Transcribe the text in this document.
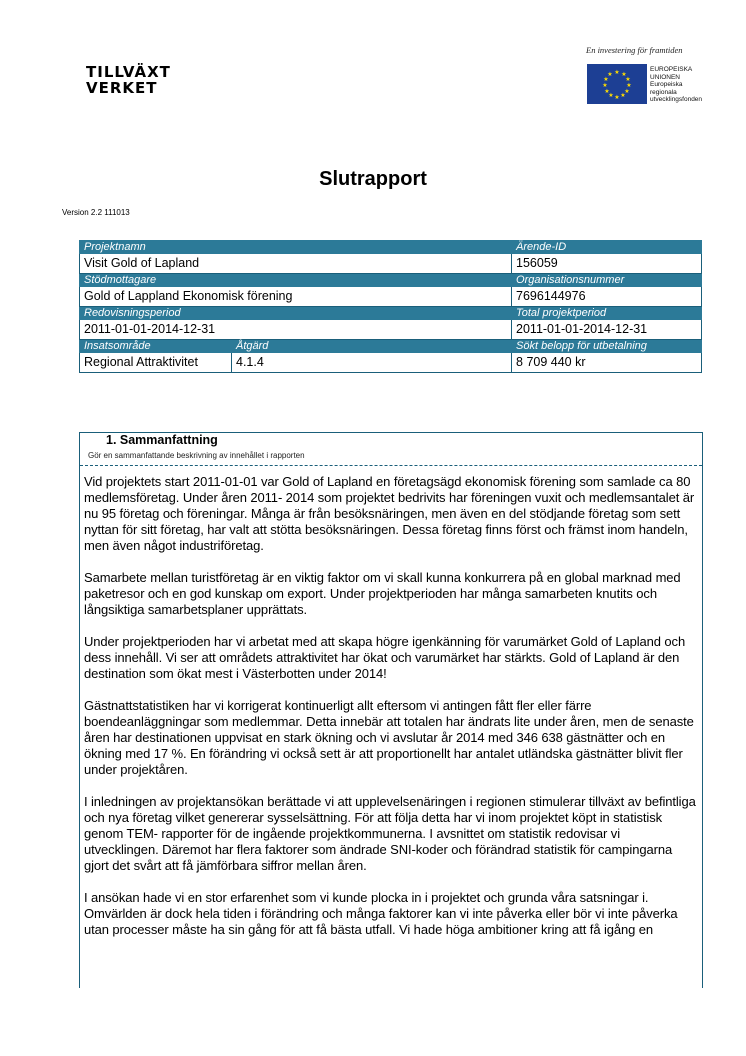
TILLVÄXT
VERKET
En investering för framtiden
★ ★
★
★
★
★
★
★
★
★
★
★
EUROPEISKA
UNIONEN
Europeiska
regionala
utvecklingsfonden
Slutrapport
Version 2.2 111013
Projektnamn		Ärende-ID
Visit Gold of Lapland		156059
Stödmottagare		Organisationsnummer
Gold of Lappland Ekonomisk förening		7696144976
Redovisningsperiod		Total projektperiod
2011-01-01-2014-12-31		2011-01-01-2014-12-31
Insatsområde	Åtgärd	Sökt belopp för utbetalning
Regional Attraktivitet	4.1.4	8 709 440 kr
1. Sammanfattning
Gör en sammanfattande beskrivning av innehållet i rapporten

Vid projektets start 2011-01-01 var Gold of Lapland en företagsägd ekonomisk förening som samlade ca 80 medlemsföretag. Under åren 2011- 2014 som projektet bedrivits har föreningen vuxit och medlemsantalet är nu 95 företag och föreningar. Många är från besöksnäringen, men även en del stödjande företag som sett nyttan för sitt företag, har valt att stötta besöksnäringen. Dessa företag finns först och främst inom handeln, men även något industriföretag.

Samarbete mellan turistföretag är en viktig faktor om vi skall kunna konkurrera på en global marknad med paketresor och en god kunskap om export. Under projektperioden har många samarbeten knutits och långsiktiga samarbetsplaner upprättats.

Under projektperioden har vi arbetat med att skapa högre igenkänning för varumärket Gold of Lapland och dess innehåll. Vi ser att områdets attraktivitet har ökat och varumärket har stärkts. Gold of Lapland är den destination som ökat mest i Västerbotten under 2014!

Gästnattstatistiken har vi korrigerat kontinuerligt allt eftersom vi antingen fått fler eller färre boendeanläggningar som medlemmar. Detta innebär att totalen har ändrats lite under åren, men de senaste åren har destinationen uppvisat en stark ökning och vi avslutar år 2014 med 346 638 gästnätter och en ökning med 17 %. En förändring vi också sett är att proportionellt har antalet utländska gästnätter blivit fler under projektåren.

I inledningen av projektansökan berättade vi att upplevelsenäringen i regionen stimulerar tillväxt av befintliga och nya företag vilket genererar sysselsättning. För att följa detta har vi inom projektet köpt in statistisk genom TEM- rapporter för de ingående projektkommunerna. I avsnittet om statistik redovisar vi utvecklingen. Däremot har flera faktorer som ändrade SNI-koder och förändrad statistik för campingarna gjort det svårt att få jämförbara siffror mellan åren.

I ansökan hade vi en stor erfarenhet som vi kunde plocka in i projektet och grunda våra satsningar i. Omvärlden är dock hela tiden i förändring och många faktorer kan vi inte påverka eller bör vi inte påverka utan processer måste ha sin gång för att få bästa utfall. Vi hade höga ambitioner kring att få igång en
